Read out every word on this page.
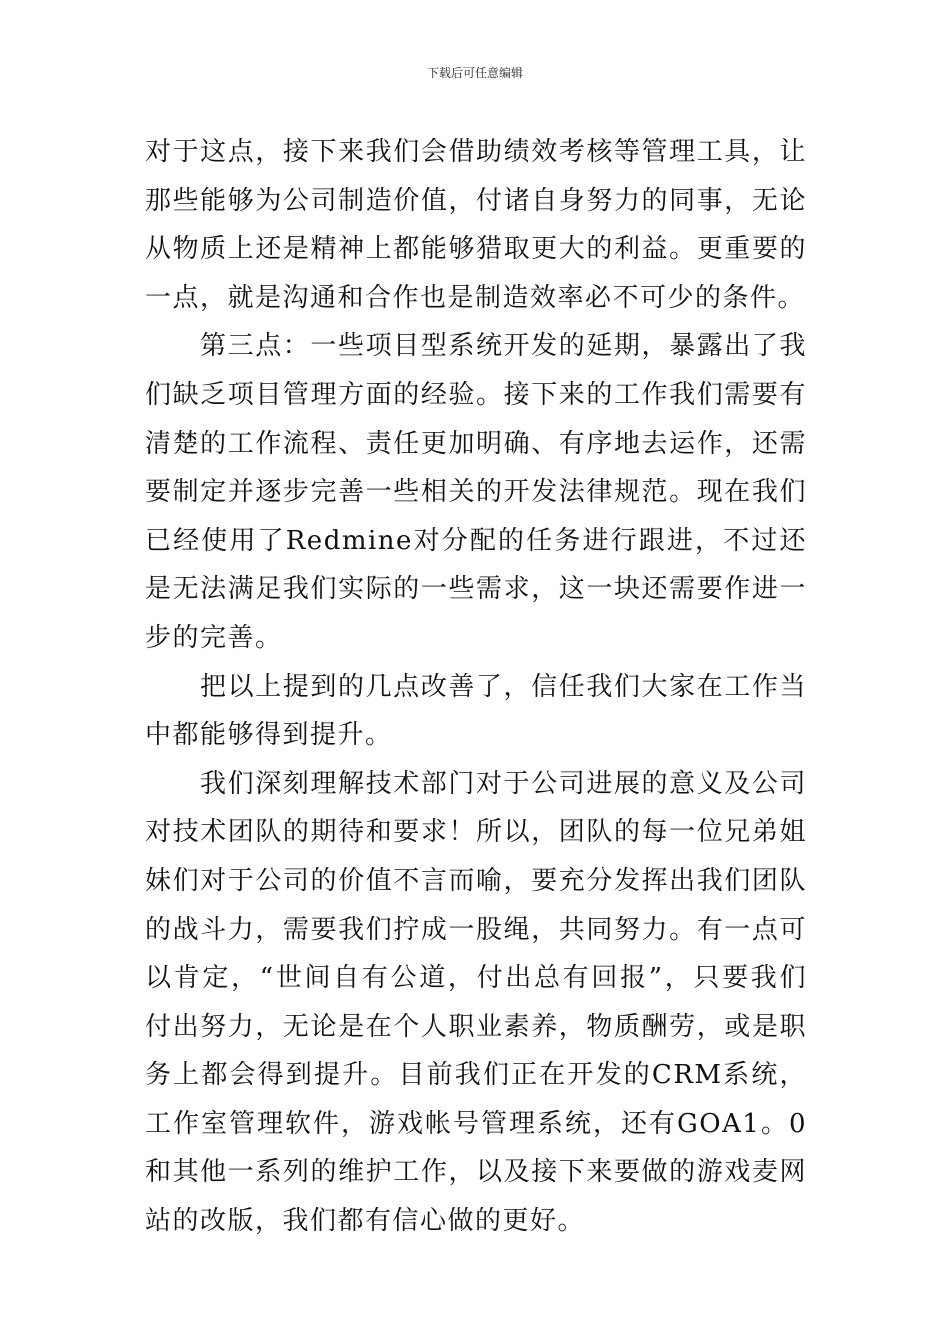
下载后可任意编辑

对于这点，接下来我们会借助绩效考核等管理工具，让那些能够为公司制造价值，付诸自身努力的同事，无论从物质上还是精神上都能够猎取更大的利益。更重要的一点，就是沟通和合作也是制造效率必不可少的条件。

第三点：一些项目型系统开发的延期，暴露出了我们缺乏项目管理方面的经验。接下来的工作我们需要有清楚的工作流程、责任更加明确、有序地去运作，还需要制定并逐步完善一些相关的开发法律规范。现在我们已经使用了Redmine对分配的任务进行跟进，不过还是无法满足我们实际的一些需求，这一块还需要作进一步的完善。

把以上提到的几点改善了，信任我们大家在工作当中都能够得到提升。

我们深刻理解技术部门对于公司进展的意义及公司对技术团队的期待和要求！所以，团队的每一位兄弟姐妹们对于公司的价值不言而喻，要充分发挥出我们团队的战斗力，需要我们拧成一股绳，共同努力。有一点可以肯定，“世间自有公道，付出总有回报”，只要我们付出努力，无论是在个人职业素养，物质酬劳，或是职务上都会得到提升。目前我们正在开发的CRM系统，工作室管理软件，游戏帐号管理系统，还有GOA1。0和其他一系列的维护工作，以及接下来要做的游戏麦网站的改版，我们都有信心做的更好。
